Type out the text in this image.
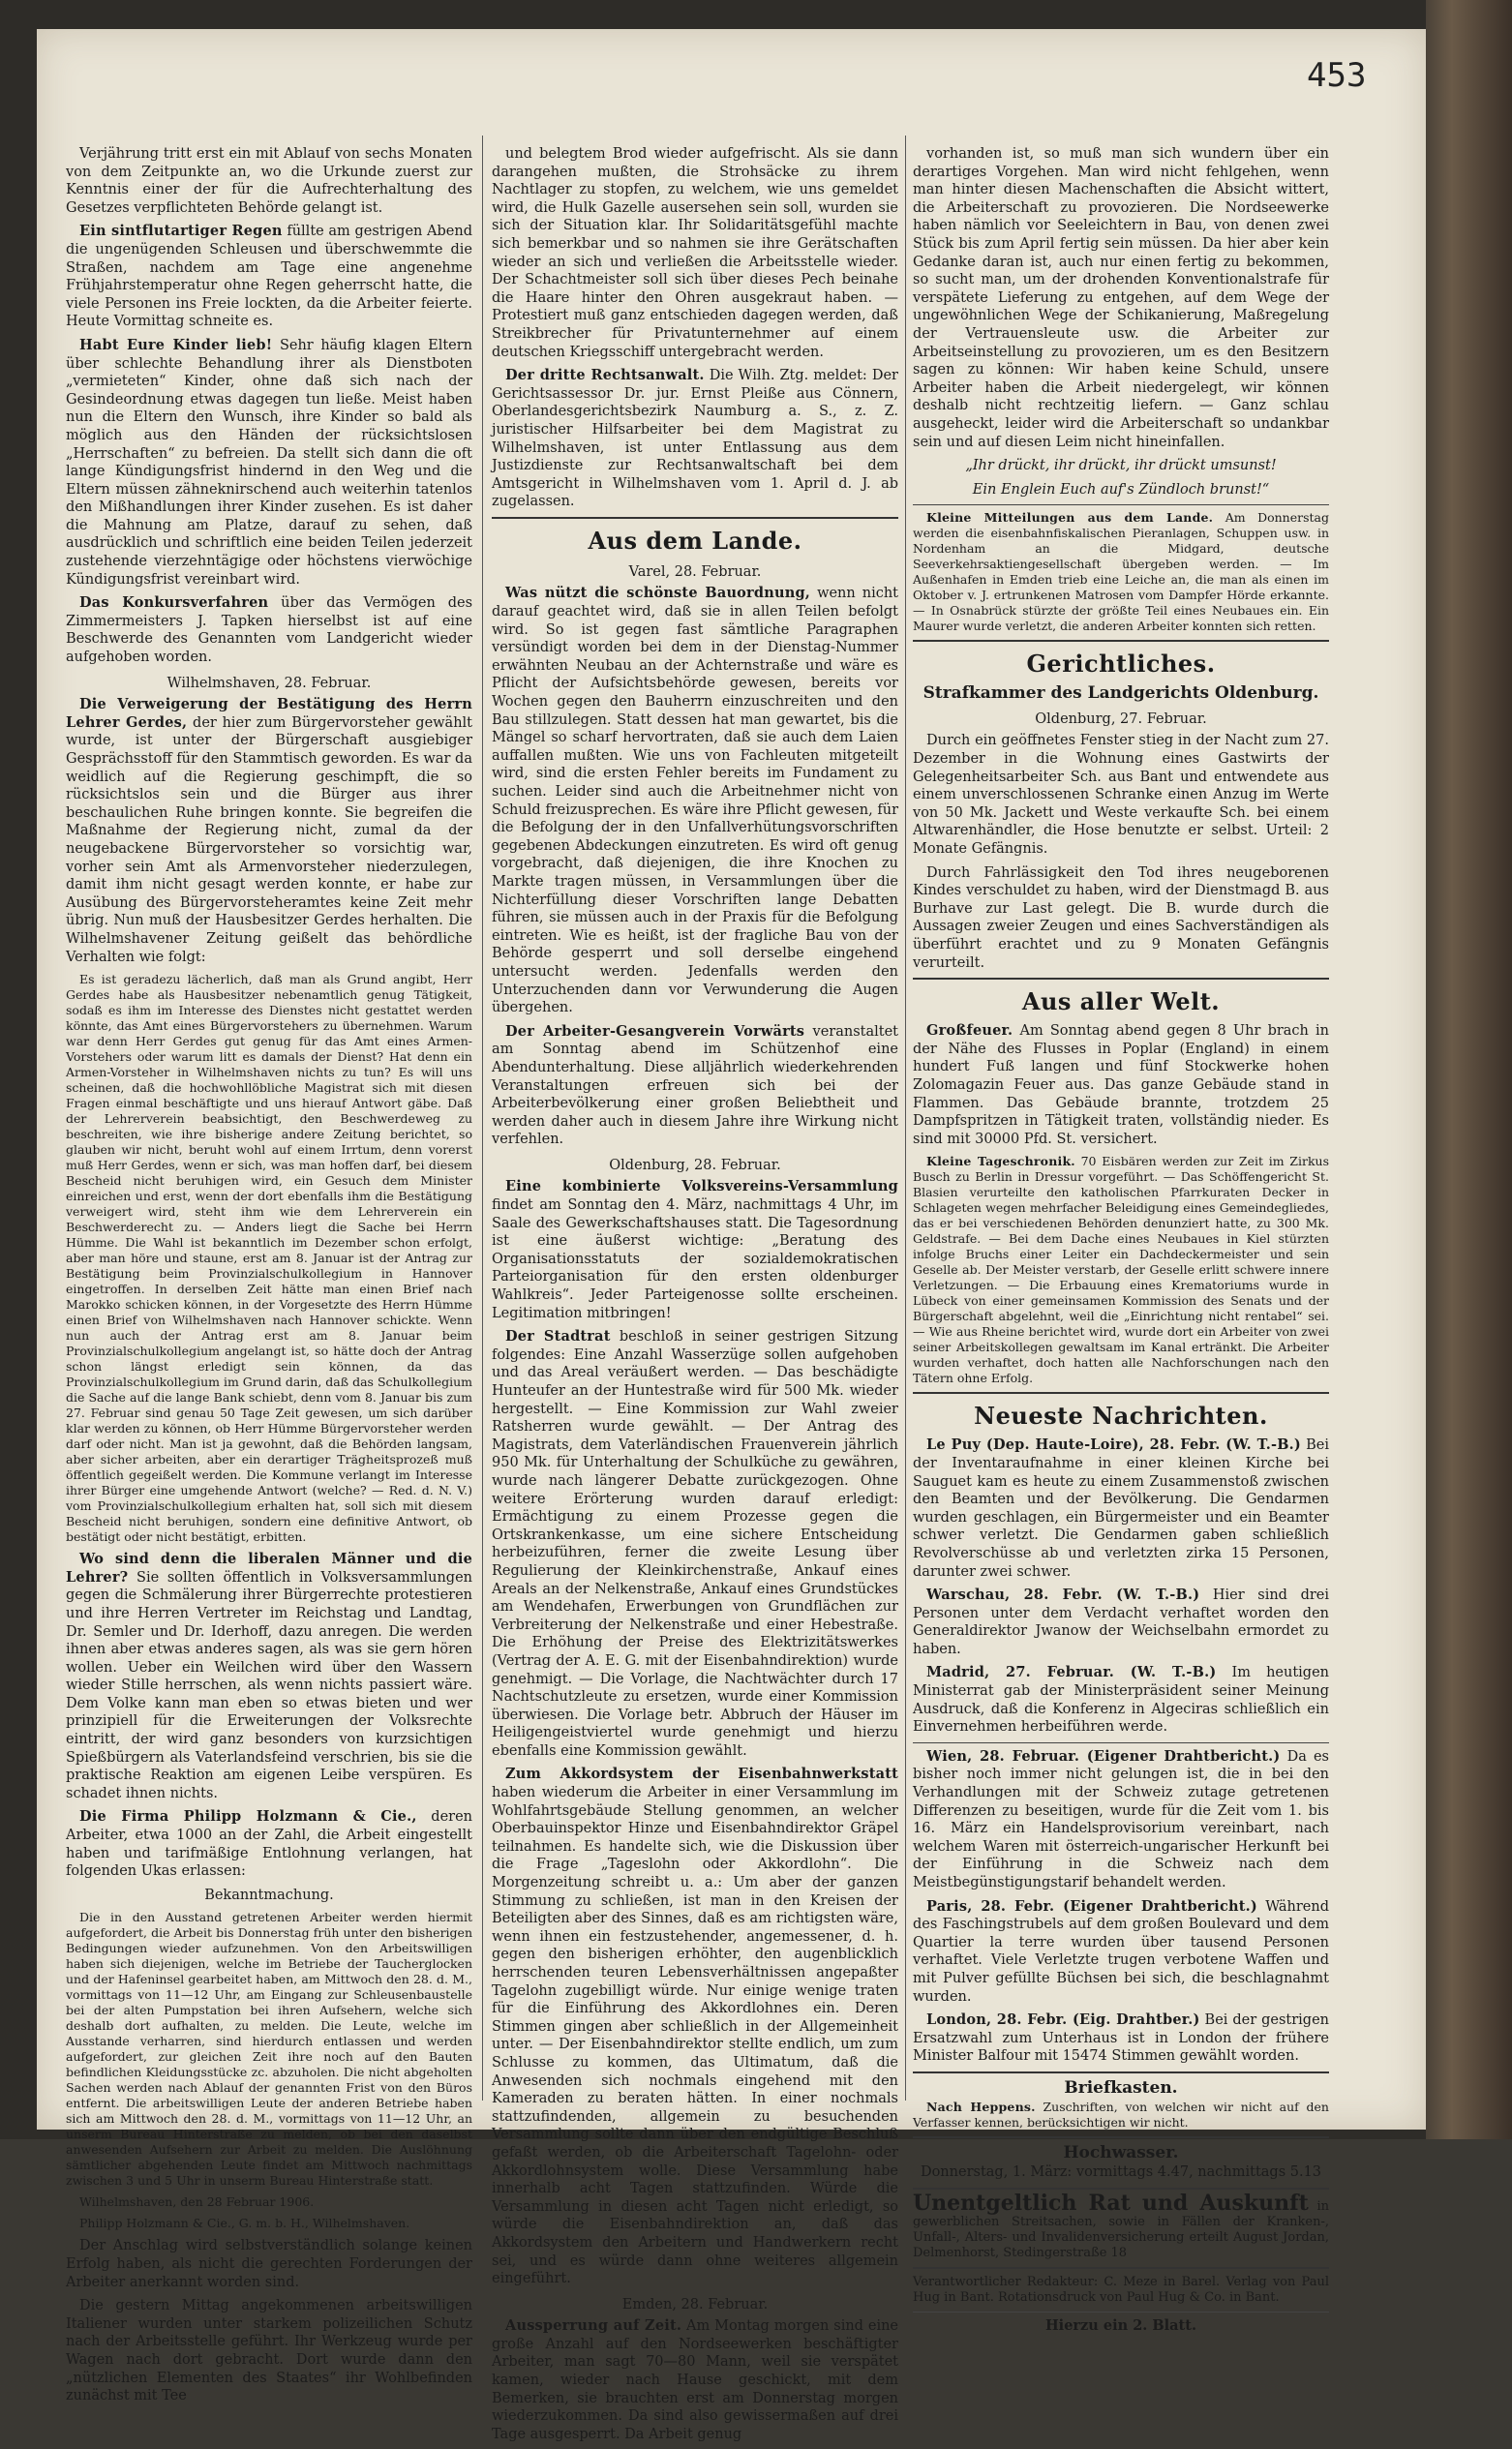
453

Verjährung tritt erst ein mit Ablauf von sechs Monaten von dem Zeitpunkte an, wo die Urkunde zuerst zur Kenntnis einer der für die Aufrechterhaltung des Gesetzes verpflichteten Behörde gelangt ist.

Ein sintflutartiger Regen füllte am gestrigen Abend die ungenügenden Schleusen und überschwemmte die Straßen, nachdem am Tage eine angenehme Frühjahrstemperatur ohne Regen geherrscht hatte, die viele Personen ins Freie lockten, da die Arbeiter feierte. Heute Vormittag schneite es.

Habt Eure Kinder lieb! Sehr häufig klagen Eltern über schlechte Behandlung ihrer als Dienstboten „vermieteten“ Kinder, ohne daß sich nach der Gesindeordnung etwas dagegen tun ließe. Meist haben nun die Eltern den Wunsch, ihre Kinder so bald als möglich aus den Händen der rücksichtslosen „Herrschaften“ zu befreien. Da stellt sich dann die oft lange Kündigungsfrist hindernd in den Weg und die Eltern müssen zähneknirschend auch weiterhin tatenlos den Mißhandlungen ihrer Kinder zusehen. Es ist daher die Mahnung am Platze, darauf zu sehen, daß ausdrücklich und schriftlich eine beiden Teilen jederzeit zustehende vierzehntägige oder höchstens vierwöchige Kündigungsfrist vereinbart wird.

Das Konkursverfahren über das Vermögen des Zimmermeisters J. Tapken hierselbst ist auf eine Beschwerde des Genannten vom Landgericht wieder aufgehoben worden.

Wilhelmshaven, 28. Februar.

Die Verweigerung der Bestätigung des Herrn Lehrer Gerdes, der hier zum Bürgervorsteher gewählt wurde, ist unter der Bürgerschaft ausgiebiger Gesprächsstoff für den Stammtisch geworden. Es war da weidlich auf die Regierung geschimpft, die so rücksichtslos sein und die Bürger aus ihrer beschaulichen Ruhe bringen konnte. Sie begreifen die Maßnahme der Regierung nicht, zumal da der neugebackene Bürgervorsteher so vorsichtig war, vorher sein Amt als Armenvorsteher niederzulegen, damit ihm nicht gesagt werden konnte, er habe zur Ausübung des Bürgervorsteheramtes keine Zeit mehr übrig. Nun muß der Hausbesitzer Gerdes herhalten. Die Wilhelmshavener Zeitung geißelt das behördliche Verhalten wie folgt:

Es ist geradezu lächerlich, daß man als Grund angibt, Herr Gerdes habe als Hausbesitzer nebenamtlich genug Tätigkeit, sodaß es ihm im Interesse des Dienstes nicht gestattet werden könnte, das Amt eines Bürgervorstehers zu übernehmen. Warum war denn Herr Gerdes gut genug für das Amt eines Armen-Vorstehers oder warum litt es damals der Dienst? Hat denn ein Armen-Vorsteher in Wilhelmshaven nichts zu tun? Es will uns scheinen, daß die hochwohllöbliche Magistrat sich mit diesen Fragen einmal beschäftigte und uns hierauf Antwort gäbe. Daß der Lehrerverein beabsichtigt, den Beschwerdeweg zu beschreiten, wie ihre bisherige andere Zeitung berichtet, so glauben wir nicht, beruht wohl auf einem Irrtum, denn vorerst muß Herr Gerdes, wenn er sich, was man hoffen darf, bei diesem Bescheid nicht beruhigen wird, ein Gesuch dem Minister einreichen und erst, wenn der dort ebenfalls ihm die Bestätigung verweigert wird, steht ihm wie dem Lehrerverein ein Beschwerderecht zu. — Anders liegt die Sache bei Herrn Hümme. Die Wahl ist bekanntlich im Dezember schon erfolgt, aber man höre und staune, erst am 8. Januar ist der Antrag zur Bestätigung beim Provinzialschulkollegium in Hannover eingetroffen. In derselben Zeit hätte man einen Brief nach Marokko schicken können, in der Vorgesetzte des Herrn Hümme einen Brief von Wilhelmshaven nach Hannover schickte. Wenn nun auch der Antrag erst am 8. Januar beim Provinzialschulkollegium angelangt ist, so hätte doch der Antrag schon längst erledigt sein können, da das Provinzialschulkollegium im Grund darin, daß das Schulkollegium die Sache auf die lange Bank schiebt, denn vom 8. Januar bis zum 27. Februar sind genau 50 Tage Zeit gewesen, um sich darüber klar werden zu können, ob Herr Hümme Bürgervorsteher werden darf oder nicht. Man ist ja gewohnt, daß die Behörden langsam, aber sicher arbeiten, aber ein derartiger Trägheitsprozeß muß öffentlich gegeißelt werden. Die Kommune verlangt im Interesse ihrer Bürger eine umgehende Antwort (welche? — Red. d. N. V.) vom Provinzialschulkollegium erhalten hat, soll sich mit diesem Bescheid nicht beruhigen, sondern eine definitive Antwort, ob bestätigt oder nicht bestätigt, erbitten.

Wo sind denn die liberalen Männer und die Lehrer? Sie sollten öffentlich in Volksversammlungen gegen die Schmälerung ihrer Bürgerrechte protestieren und ihre Herren Vertreter im Reichstag und Landtag, Dr. Semler und Dr. Iderhoff, dazu anregen. Die werden ihnen aber etwas anderes sagen, als was sie gern hören wollen. Ueber ein Weilchen wird über den Wassern wieder Stille herrschen, als wenn nichts passiert wäre. Dem Volke kann man eben so etwas bieten und wer prinzipiell für die Erweiterungen der Volksrechte eintritt, der wird ganz besonders von kurzsichtigen Spießbürgern als Vaterlandsfeind verschrien, bis sie die praktische Reaktion am eigenen Leibe verspüren. Es schadet ihnen nichts.

Die Firma Philipp Holzmann & Cie., deren Arbeiter, etwa 1000 an der Zahl, die Arbeit eingestellt haben und tarifmäßige Entlohnung verlangen, hat folgenden Ukas erlassen:

Bekanntmachung.

Die in den Ausstand getretenen Arbeiter werden hiermit aufgefordert, die Arbeit bis Donnerstag früh unter den bisherigen Bedingungen wieder aufzunehmen. Von den Arbeitswilligen haben sich diejenigen, welche im Betriebe der Taucherglocken und der Hafeninsel gearbeitet haben, am Mittwoch den 28. d. M., vormittags von 11—12 Uhr, am Eingang zur Schleusenbaustelle bei der alten Pumpstation bei ihren Aufsehern, welche sich deshalb dort aufhalten, zu melden. Die Leute, welche im Ausstande verharren, sind hierdurch entlassen und werden aufgefordert, zur gleichen Zeit ihre noch auf den Bauten befindlichen Kleidungsstücke zc. abzuholen. Die nicht abgeholten Sachen werden nach Ablauf der genannten Frist von den Büros entfernt. Die arbeitswilligen Leute der anderen Betriebe haben sich am Mittwoch den 28. d. M., vormittags von 11—12 Uhr, an unserm Bureau Hinterstraße zu melden, ob bei den daselbst anwesenden Aufsehern zur Arbeit zu melden. Die Auslöhnung sämtlicher abgehenden Leute findet am Mittwoch nachmittags zwischen 3 und 5 Uhr in unserm Bureau Hinterstraße statt.

Wilhelmshaven, den 28 Februar 1906.

Philipp Holzmann & Cie., G. m. b. H., Wilhelmshaven.

Der Anschlag wird selbstverständlich solange keinen Erfolg haben, als nicht die gerechten Forderungen der Arbeiter anerkannt worden sind.

Die gestern Mittag angekommenen arbeitswilligen Italiener wurden unter starkem polizeilichen Schutz nach der Arbeitsstelle geführt. Ihr Werkzeug wurde per Wagen nach dort gebracht. Dort wurde dann den „nützlichen Elementen des Staates“ ihr Wohlbefinden zunächst mit Tee

und belegtem Brod wieder aufgefrischt. Als sie dann darangehen mußten, die Strohsäcke zu ihrem Nachtlager zu stopfen, zu welchem, wie uns gemeldet wird, die Hulk Gazelle ausersehen sein soll, wurden sie sich der Situation klar. Ihr Solidaritätsgefühl machte sich bemerkbar und so nahmen sie ihre Gerätschaften wieder an sich und verließen die Arbeitsstelle wieder. Der Schachtmeister soll sich über dieses Pech beinahe die Haare hinter den Ohren ausgekraut haben. — Protestiert muß ganz entschieden dagegen werden, daß Streikbrecher für Privatunternehmer auf einem deutschen Kriegsschiff untergebracht werden.

Der dritte Rechtsanwalt. Die Wilh. Ztg. meldet: Der Gerichtsassessor Dr. jur. Ernst Pleiße aus Cönnern, Oberlandesgerichtsbezirk Naumburg a. S., z. Z. juristischer Hilfsarbeiter bei dem Magistrat zu Wilhelmshaven, ist unter Entlassung aus dem Justizdienste zur Rechtsanwaltschaft bei dem Amtsgericht in Wilhelmshaven vom 1. April d. J. ab zugelassen.

Aus dem Lande.

Varel, 28. Februar.

Was nützt die schönste Bauordnung, wenn nicht darauf geachtet wird, daß sie in allen Teilen befolgt wird. So ist gegen fast sämtliche Paragraphen versündigt worden bei dem in der Dienstag-Nummer erwähnten Neubau an der Achternstraße und wäre es Pflicht der Aufsichtsbehörde gewesen, bereits vor Wochen gegen den Bauherrn einzuschreiten und den Bau stillzulegen. Statt dessen hat man gewartet, bis die Mängel so scharf hervortraten, daß sie auch dem Laien auffallen mußten. Wie uns von Fachleuten mitgeteilt wird, sind die ersten Fehler bereits im Fundament zu suchen. Leider sind auch die Arbeitnehmer nicht von Schuld freizusprechen. Es wäre ihre Pflicht gewesen, für die Befolgung der in den Unfallverhütungsvorschriften gegebenen Abdeckungen einzutreten. Es wird oft genug vorgebracht, daß diejenigen, die ihre Knochen zu Markte tragen müssen, in Versammlungen über die Nichterfüllung dieser Vorschriften lange Debatten führen, sie müssen auch in der Praxis für die Befolgung eintreten. Wie es heißt, ist der fragliche Bau von der Behörde gesperrt und soll derselbe eingehend untersucht werden. Jedenfalls werden den Unterzuchenden dann vor Verwunderung die Augen übergehen.

Der Arbeiter-Gesangverein Vorwärts veranstaltet am Sonntag abend im Schützenhof eine Abendunterhaltung. Diese alljährlich wiederkehrenden Veranstaltungen erfreuen sich bei der Arbeiterbevölkerung einer großen Beliebtheit und werden daher auch in diesem Jahre ihre Wirkung nicht verfehlen.

Oldenburg, 28. Februar.

Eine kombinierte Volksvereins-Versammlung findet am Sonntag den 4. März, nachmittags 4 Uhr, im Saale des Gewerkschaftshauses statt. Die Tagesordnung ist eine äußerst wichtige: „Beratung des Organisationsstatuts der sozialdemokratischen Parteiorganisation für den ersten oldenburger Wahlkreis“. Jeder Parteigenosse sollte erscheinen. Legitimation mitbringen!

Der Stadtrat beschloß in seiner gestrigen Sitzung folgendes: Eine Anzahl Wasserzüge sollen aufgehoben und das Areal veräußert werden. — Das beschädigte Hunteufer an der Huntestraße wird für 500 Mk. wieder hergestellt. — Eine Kommission zur Wahl zweier Ratsherren wurde gewählt. — Der Antrag des Magistrats, dem Vaterländischen Frauenverein jährlich 950 Mk. für Unterhaltung der Schulküche zu gewähren, wurde nach längerer Debatte zurückgezogen. Ohne weitere Erörterung wurden darauf erledigt: Ermächtigung zu einem Prozesse gegen die Ortskrankenkasse, um eine sichere Entscheidung herbeizuführen, ferner die zweite Lesung über Regulierung der Kleinkirchenstraße, Ankauf eines Areals an der Nelkenstraße, Ankauf eines Grundstückes am Wendehafen, Erwerbungen von Grundflächen zur Verbreiterung der Nelkenstraße und einer Hebestraße. Die Erhöhung der Preise des Elektrizitätswerkes (Vertrag der A. E. G. mit der Eisenbahndirektion) wurde genehmigt. — Die Vorlage, die Nachtwächter durch 17 Nachtschutzleute zu ersetzen, wurde einer Kommission überwiesen. Die Vorlage betr. Abbruch der Häuser im Heiligengeistviertel wurde genehmigt und hierzu ebenfalls eine Kommission gewählt.

Zum Akkordsystem der Eisenbahnwerkstatt haben wiederum die Arbeiter in einer Versammlung im Wohlfahrtsgebäude Stellung genommen, an welcher Oberbauinspektor Hinze und Eisenbahndirektor Gräpel teilnahmen. Es handelte sich, wie die Diskussion über die Frage „Tageslohn oder Akkordlohn“. Die Morgenzeitung schreibt u. a.: Um aber der ganzen Stimmung zu schließen, ist man in den Kreisen der Beteiligten aber des Sinnes, daß es am richtigsten wäre, wenn ihnen ein festzustehender, angemessener, d. h. gegen den bisherigen erhöhter, den augenblicklich herrschenden teuren Lebensverhältnissen angepaßter Tagelohn zugebilligt würde. Nur einige wenige traten für die Einführung des Akkordlohnes ein. Deren Stimmen gingen aber schließlich in der Allgemeinheit unter. — Der Eisenbahndirektor stellte endlich, um zum Schlusse zu kommen, das Ultimatum, daß die Anwesenden sich nochmals eingehend mit den Kameraden zu beraten hätten. In einer nochmals stattzufindenden, allgemein zu besuchenden Versammlung sollte dann über den endgültige Beschluß gefaßt werden, ob die Arbeiterschaft Tagelohn- oder Akkordlohnsystem wolle. Diese Versammlung habe innerhalb acht Tagen stattzufinden. Würde die Versammlung in diesen acht Tagen nicht erledigt, so würde die Eisenbahndirektion an, daß das Akkordsystem den Arbeitern und Handwerkern recht sei, und es würde dann ohne weiteres allgemein eingeführt.

Emden, 28. Februar.

Aussperrung auf Zeit. Am Montag morgen sind eine große Anzahl auf den Nordseewerken beschäftigter Arbeiter, man sagt 70—80 Mann, weil sie verspätet kamen, wieder nach Hause geschickt, mit dem Bemerken, sie brauchten erst am Donnerstag morgen wiederzukommen. Da sind also gewissermaßen auf drei Tage ausgesperrt. Da Arbeit genug

vorhanden ist, so muß man sich wundern über ein derartiges Vorgehen. Man wird nicht fehlgehen, wenn man hinter diesen Machenschaften die Absicht wittert, die Arbeiterschaft zu provozieren. Die Nordseewerke haben nämlich vor Seeleichtern in Bau, von denen zwei Stück bis zum April fertig sein müssen. Da hier aber kein Gedanke daran ist, auch nur einen fertig zu bekommen, so sucht man, um der drohenden Konventionalstrafe für verspätete Lieferung zu entgehen, auf dem Wege der ungewöhnlichen Wege der Schikanierung, Maßregelung der Vertrauensleute usw. die Arbeiter zur Arbeitseinstellung zu provozieren, um es den Besitzern sagen zu können: Wir haben keine Schuld, unsere Arbeiter haben die Arbeit niedergelegt, wir können deshalb nicht rechtzeitig liefern. — Ganz schlau ausgeheckt, leider wird die Arbeiterschaft so undankbar sein und auf diesen Leim nicht hineinfallen.

„Ihr drückt, ihr drückt, ihr drückt umsunst!

Ein Englein Euch auf's Zündloch brunst!“

Kleine Mitteilungen aus dem Lande. Am Donnerstag werden die eisenbahnfiskalischen Pieranlagen, Schuppen usw. in Nordenham an die Midgard, deutsche Seeverkehrsaktiengesellschaft übergeben werden. — Im Außenhafen in Emden trieb eine Leiche an, die man als einen im Oktober v. J. ertrunkenen Matrosen vom Dampfer Hörde erkannte. — In Osnabrück stürzte der größte Teil eines Neubaues ein. Ein Maurer wurde verletzt, die anderen Arbeiter konnten sich retten.

Gerichtliches.
Strafkammer des Landgerichts Oldenburg.

Oldenburg, 27. Februar.

Durch ein geöffnetes Fenster stieg in der Nacht zum 27. Dezember in die Wohnung eines Gastwirts der Gelegenheitsarbeiter Sch. aus Bant und entwendete aus einem unverschlossenen Schranke einen Anzug im Werte von 50 Mk. Jackett und Weste verkaufte Sch. bei einem Altwarenhändler, die Hose benutzte er selbst. Urteil: 2 Monate Gefängnis.

Durch Fahrlässigkeit den Tod ihres neugeborenen Kindes verschuldet zu haben, wird der Dienstmagd B. aus Burhave zur Last gelegt. Die B. wurde durch die Aussagen zweier Zeugen und eines Sachverständigen als überführt erachtet und zu 9 Monaten Gefängnis verurteilt.

Aus aller Welt.

Großfeuer. Am Sonntag abend gegen 8 Uhr brach in der Nähe des Flusses in Poplar (England) in einem hundert Fuß langen und fünf Stockwerke hohen Zolomagazin Feuer aus. Das ganze Gebäude stand in Flammen. Das Gebäude brannte, trotzdem 25 Dampfspritzen in Tätigkeit traten, vollständig nieder. Es sind mit 30000 Pfd. St. versichert.

Kleine Tageschronik. 70 Eisbären werden zur Zeit im Zirkus Busch zu Berlin in Dressur vorgeführt. — Das Schöffengericht St. Blasien verurteilte den katholischen Pfarrkuraten Decker in Schlageten wegen mehrfacher Beleidigung eines Gemeindegliedes, das er bei verschiedenen Behörden denunziert hatte, zu 300 Mk. Geldstrafe. — Bei dem Dache eines Neubaues in Kiel stürzten infolge Bruchs einer Leiter ein Dachdeckermeister und sein Geselle ab. Der Meister verstarb, der Geselle erlitt schwere innere Verletzungen. — Die Erbauung eines Krematoriums wurde in Lübeck von einer gemeinsamen Kommission des Senats und der Bürgerschaft abgelehnt, weil die „Einrichtung nicht rentabel“ sei. — Wie aus Rheine berichtet wird, wurde dort ein Arbeiter von zwei seiner Arbeitskollegen gewaltsam im Kanal ertränkt. Die Arbeiter wurden verhaftet, doch hatten alle Nachforschungen nach den Tätern ohne Erfolg.

Neueste Nachrichten.

Le Puy (Dep. Haute-Loire), 28. Febr. (W. T.-B.) Bei der Inventaraufnahme in einer kleinen Kirche bei Sauguet kam es heute zu einem Zusammenstoß zwischen den Beamten und der Bevölkerung. Die Gendarmen wurden geschlagen, ein Bürgermeister und ein Beamter schwer verletzt. Die Gendarmen gaben schließlich Revolverschüsse ab und verletzten zirka 15 Personen, darunter zwei schwer.

Warschau, 28. Febr. (W. T.-B.) Hier sind drei Personen unter dem Verdacht verhaftet worden den Generaldirektor Jwanow der Weichselbahn ermordet zu haben.

Madrid, 27. Februar. (W. T.-B.) Im heutigen Ministerrat gab der Ministerpräsident seiner Meinung Ausdruck, daß die Konferenz in Algeciras schließlich ein Einvernehmen herbeiführen werde.

Wien, 28. Februar. (Eigener Drahtbericht.) Da es bisher noch immer nicht gelungen ist, die in bei den Verhandlungen mit der Schweiz zutage getretenen Differenzen zu beseitigen, wurde für die Zeit vom 1. bis 16. März ein Handelsprovisorium vereinbart, nach welchem Waren mit österreich-ungarischer Herkunft bei der Einführung in die Schweiz nach dem Meistbegünstigungstarif behandelt werden.

Paris, 28. Febr. (Eigener Drahtbericht.) Während des Faschingstrubels auf dem großen Boulevard und dem Quartier la terre wurden über tausend Personen verhaftet. Viele Verletzte trugen verbotene Waffen und mit Pulver gefüllte Büchsen bei sich, die beschlagnahmt wurden.

London, 28. Febr. (Eig. Drahtber.) Bei der gestrigen Ersatzwahl zum Unterhaus ist in London der frühere Minister Balfour mit 15474 Stimmen gewählt worden.

Briefkasten.

Nach Heppens. Zuschriften, von welchen wir nicht auf den Verfasser kennen, berücksichtigen wir nicht.

Hochwasser.

Donnerstag, 1. März: vormittags 4.47, nachmittags 5.13

Unentgeltlich Rat und Auskunft in gewerblichen Streitsachen, sowie in Fällen der Kranken-, Unfall-, Alters- und Invalidenversicherung erteilt August Jordan, Delmenhorst, Stedingerstraße 18

Verantwortlicher Redakteur: C. Meze in Barel. Verlag von Paul Hug in Bant. Rotationsdruck von Paul Hug & Co. in Bant.

Hierzu ein 2. Blatt.
